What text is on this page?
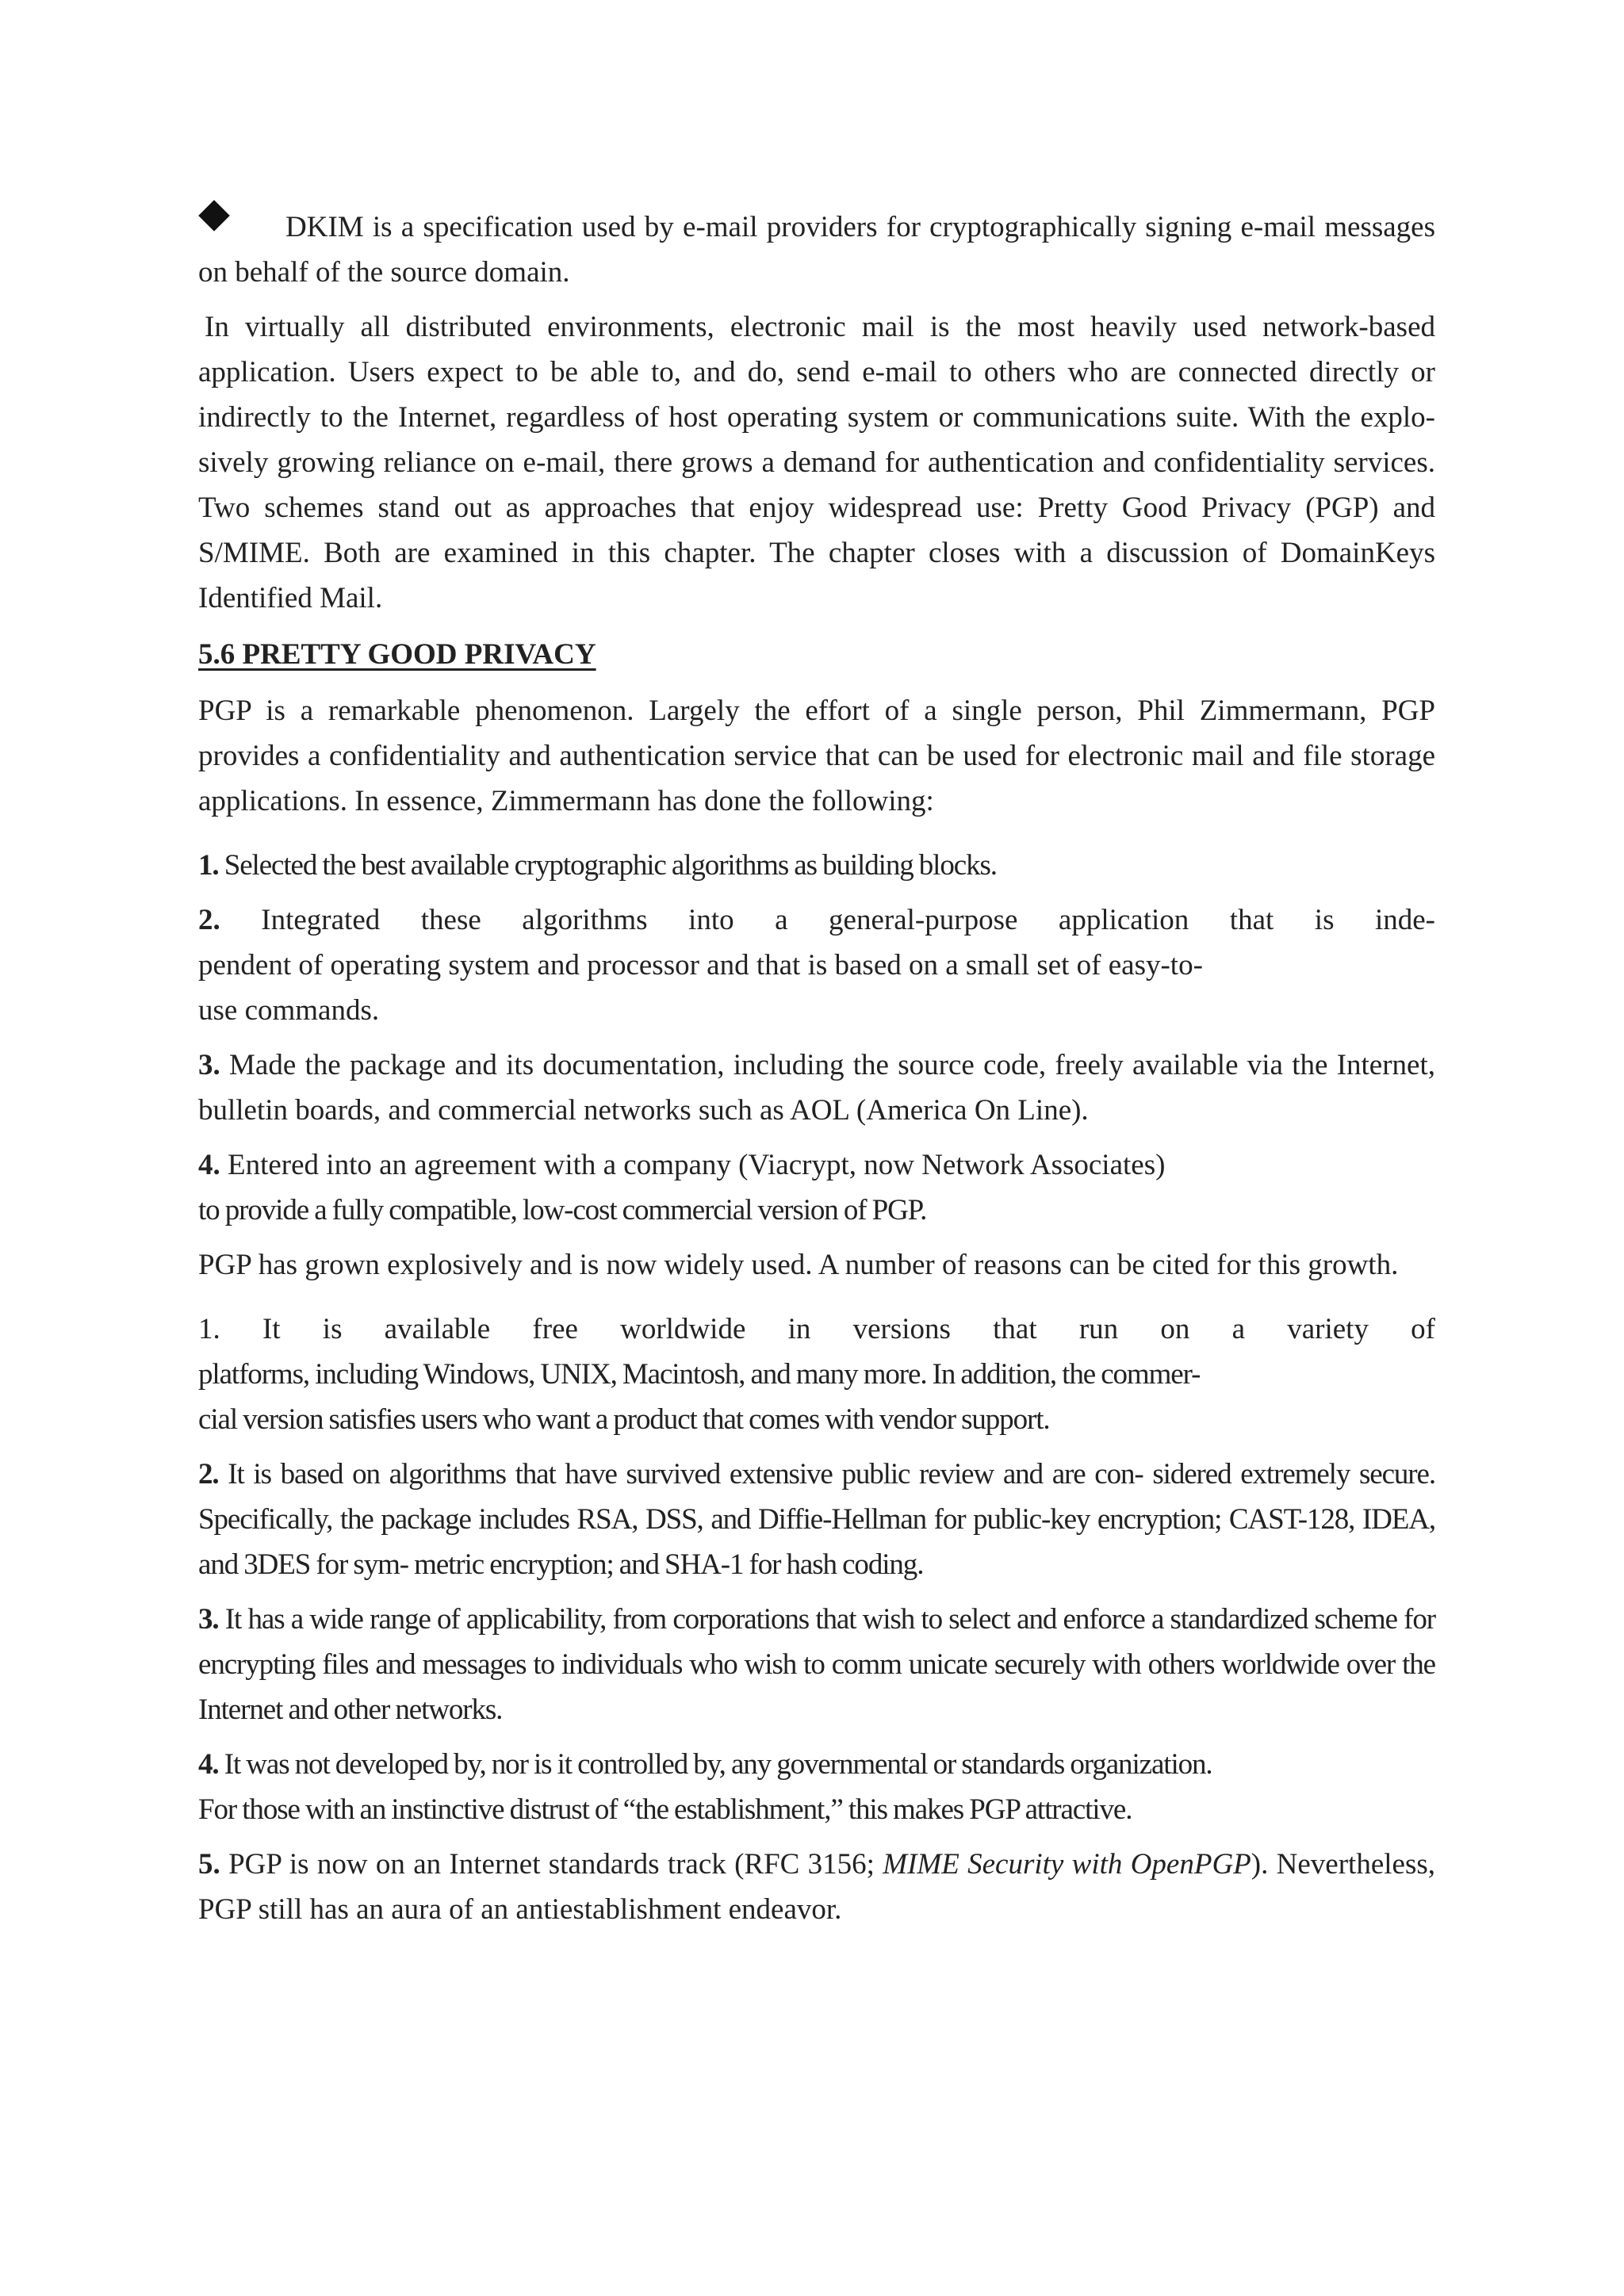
DKIM is a specification used by e-mail providers for cryptographically signing e-mail messages on behalf of the source domain.

In virtually all distributed environments, electronic mail is the most heavily used network-based application. Users expect to be able to, and do, send e-mail to others who are connected directly or indirectly to the Internet, regardless of host operating system or communications suite. With the explo- sively growing reliance on e-mail, there grows a demand for authentication and confidentiality services. Two schemes stand out as approaches that enjoy widespread use: Pretty Good Privacy (PGP) and S/MIME. Both are examined in this chapter. The chapter closes with a discussion of DomainKeys Identified Mail.

5.6 PRETTY GOOD PRIVACY

PGP is a remarkable phenomenon. Largely the effort of a single person, Phil Zimmermann, PGP provides a confidentiality and authentication service that can be used for electronic mail and file storage applications. In essence, Zimmermann has done the following:

1. Selected the best available cryptographic algorithms as building blocks.

2. Integrated these algorithms into a general-purpose application that is inde-
pendent of operating system and processor and that is based on a small set of easy-to-
use commands.

3. Made the package and its documentation, including the source code, freely available via the Internet, bulletin boards, and commercial networks such as AOL (America On Line).

4. Entered into an agreement with a company (Viacrypt, now Network Associates)
to provide a fully compatible, low-cost commercial version of PGP.

PGP has grown explosively and is now widely used. A number of reasons can be cited for this growth.

1. It is available free worldwide in versions that run on a variety of
platforms, including Windows, UNIX, Macintosh, and many more. In addition, the commer-
cial version satisfies users who want a product that comes with vendor support.

2. It is based on algorithms that have survived extensive public review and are con- sidered extremely secure. Specifically, the package includes RSA, DSS, and Diffie-Hellman for public-key encryption; CAST-128, IDEA, and 3DES for sym- metric encryption; and SHA-1 for hash coding.

3. It has a wide range of applicability, from corporations that wish to select and enforce a standardized scheme for encrypting files and messages to individuals who wish to comm unicate securely with others worldwide over the Internet and other networks.

4. It was not developed by, nor is it controlled by, any governmental or standards organization.
For those with an instinctive distrust of “the establishment,” this makes PGP attractive.

5. PGP is now on an Internet standards track (RFC 3156; MIME Security with OpenPGP). Nevertheless, PGP still has an aura of an antiestablishment endeavor.
